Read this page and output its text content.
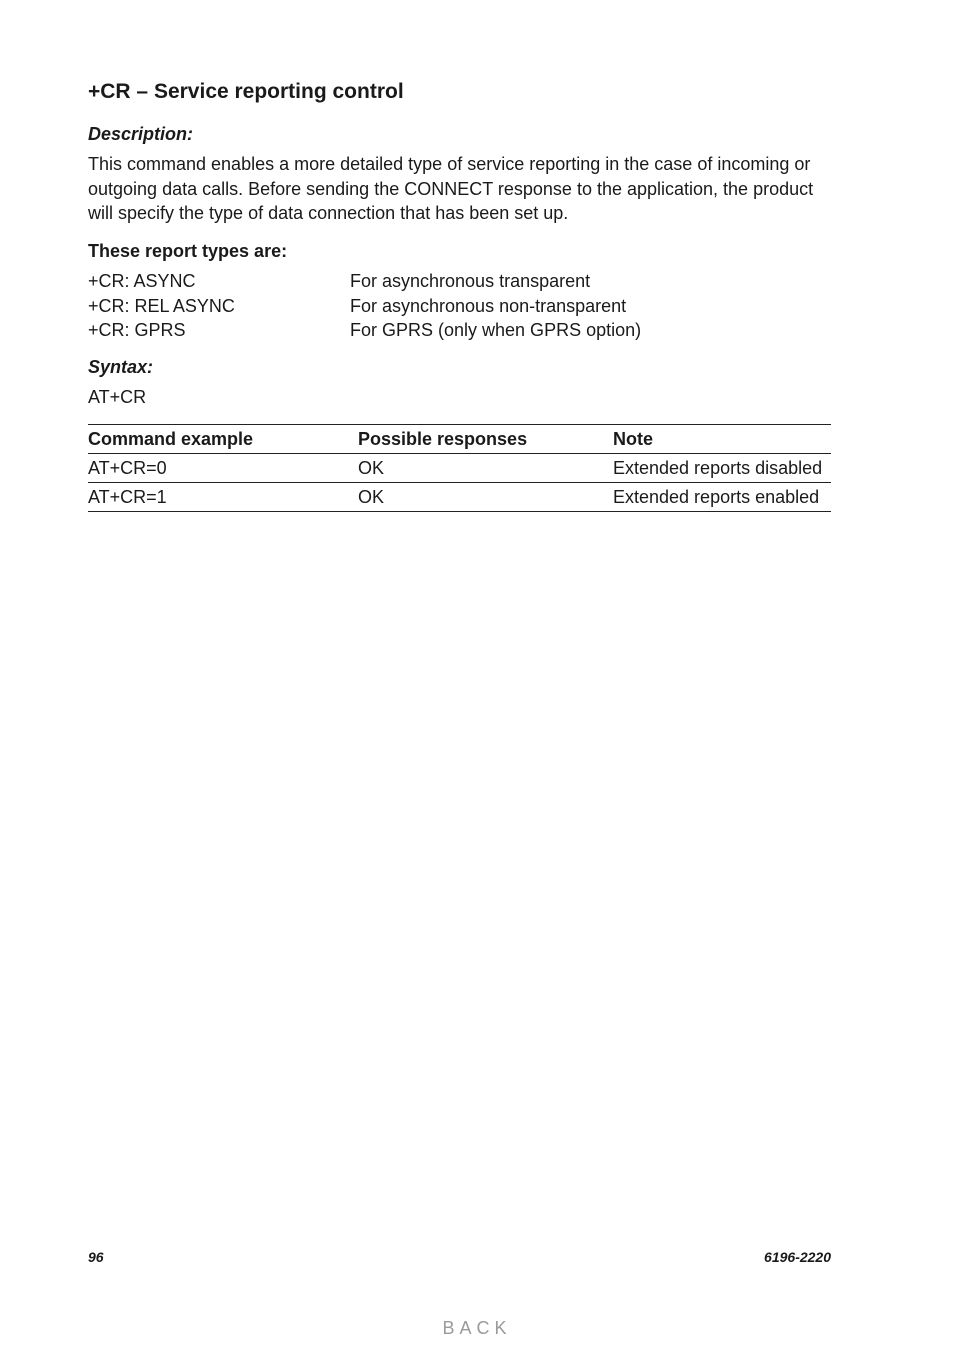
+CR – Service reporting control
Description:
This command enables a more detailed type of service reporting in the case of incoming or outgoing data calls. Before sending the CONNECT response to the application, the product will specify the type of data connection that has been set up.
These report types are:
+CR: ASYNC	For asynchronous transparent
+CR: REL ASYNC	For asynchronous non-transparent
+CR: GPRS	For GPRS (only when GPRS option)
Syntax:
AT+CR
Command example	Possible responses	Note
AT+CR=0	OK	Extended reports disabled
AT+CR=1	OK	Extended reports enabled
96	6196-2220
BACK
